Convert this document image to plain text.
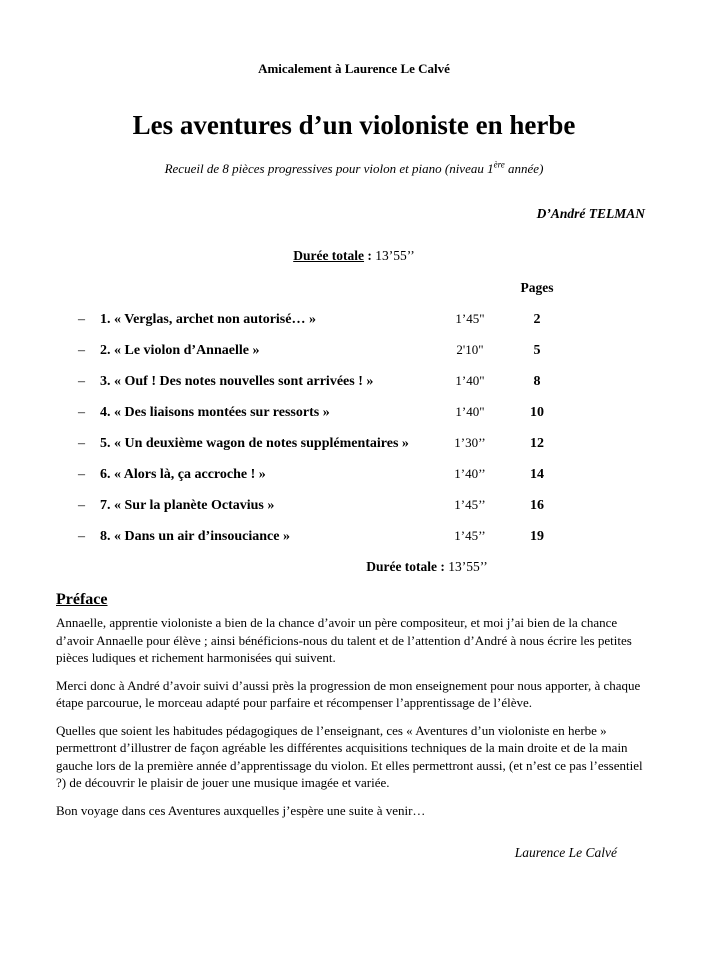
Amicalement à Laurence Le Calvé
Les aventures d’un violoniste en herbe
Recueil de 8 pièces progressives pour violon et piano (niveau 1ère année)
D’André TELMAN
Durée totale : 13’55’’
Pages
– 1. « Verglas, archet non autorisé… »	1’45"	2
– 2. « Le violon d’Annaelle »	2'10"	5
– 3. « Ouf ! Des notes nouvelles sont arrivées ! »	1’40"	8
– 4. « Des liaisons montées sur ressorts »	1’40"	10
– 5. « Un deuxième wagon de notes supplémentaires »	1’30’’	12
– 6. « Alors là, ça accroche ! »	1’40’’	14
– 7. « Sur la planète Octavius »	1’45’’	16
– 8. « Dans un air d’insouciance »	1’45’’	19
Durée totale : 13’55’’
Préface

Annaelle, apprentie violoniste a bien de la chance d’avoir un père compositeur, et moi j’ai bien de la chance d’avoir Annaelle pour élève ; ainsi bénéficions-nous du talent et de l’attention d’André à nous écrire les petites pièces ludiques et richement harmonisées qui suivent.

Merci donc à André d’avoir suivi d’aussi près la progression de mon enseignement pour nous apporter, à chaque étape parcourue, le morceau adapté pour parfaire et récompenser l’apprentissage de l’élève.

Quelles que soient les habitudes pédagogiques de l’enseignant, ces « Aventures d’un violoniste en herbe » permettront d’illustrer de façon agréable les différentes acquisitions techniques de la main droite et de la main gauche lors de la première année d’apprentissage du violon. Et elles permettront aussi, (et n’est ce pas l’essentiel ?) de découvrir le plaisir de jouer une musique imagée et variée.

Bon voyage dans ces Aventures auxquelles j’espère une suite à venir…

Laurence Le Calvé
